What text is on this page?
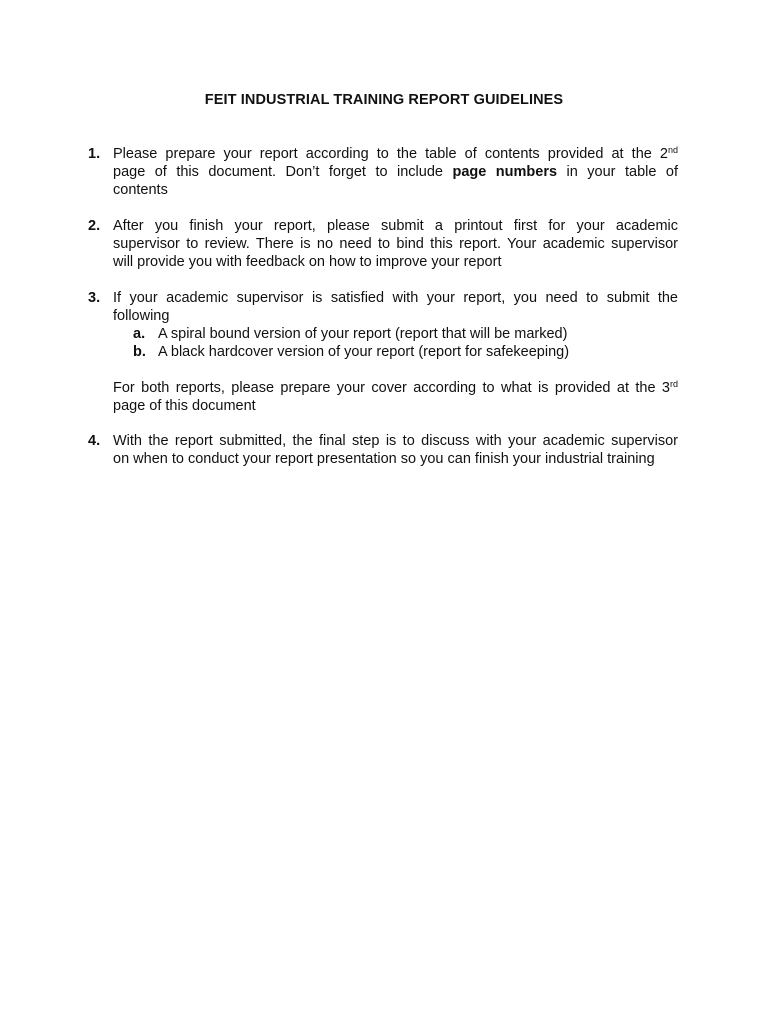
FEIT INDUSTRIAL TRAINING REPORT GUIDELINES
1. Please prepare your report according to the table of contents provided at the 2nd
page of this document. Don’t forget to include page numbers in your table of
contents
2. After you finish your report, please submit a printout first for your academic
supervisor to review. There is no need to bind this report. Your academic supervisor
will provide you with feedback on how to improve your report
3. If your academic supervisor is satisfied with your report, you need to submit the
following
a. A spiral bound version of your report (report that will be marked)
b. A black hardcover version of your report (report for safekeeping)
For both reports, please prepare your cover according to what is provided at the 3rd
page of this document
4. With the report submitted, the final step is to discuss with your academic supervisor
on when to conduct your report presentation so you can finish your industrial training
